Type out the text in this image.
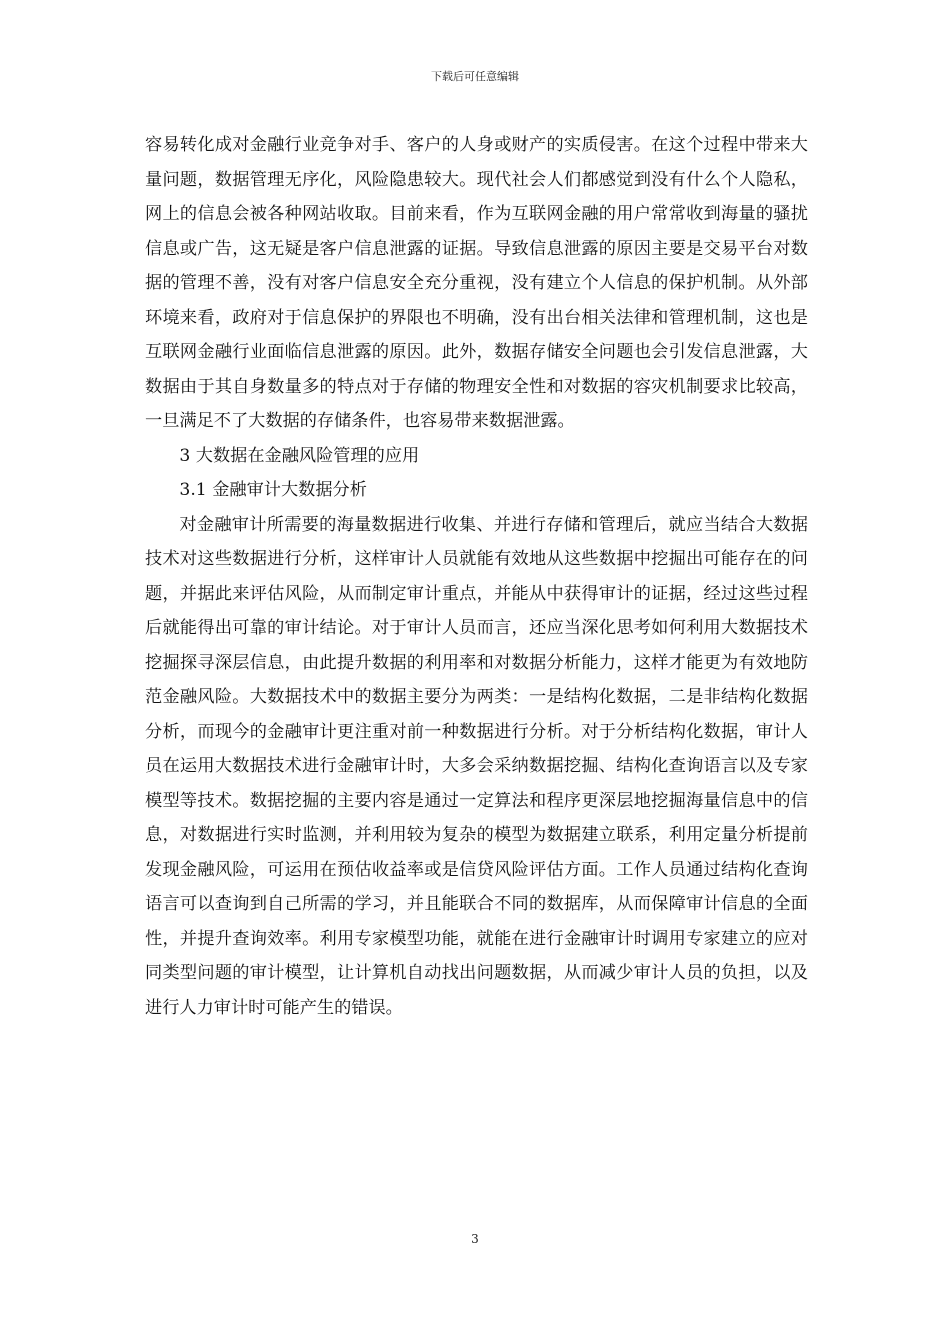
下载后可任意编辑

容易转化成对金融行业竞争对手、客户的人身或财产的实质侵害。在这个过程中带来大量问题，数据管理无序化，风险隐患较大。现代社会人们都感觉到没有什么个人隐私，网上的信息会被各种网站收取。目前来看，作为互联网金融的用户常常收到海量的骚扰信息或广告，这无疑是客户信息泄露的证据。导致信息泄露的原因主要是交易平台对数据的管理不善，没有对客户信息安全充分重视，没有建立个人信息的保护机制。从外部环境来看，政府对于信息保护的界限也不明确，没有出台相关法律和管理机制，这也是互联网金融行业面临信息泄露的原因。此外，数据存储安全问题也会引发信息泄露，大数据由于其自身数量多的特点对于存储的物理安全性和对数据的容灾机制要求比较高，一旦满足不了大数据的存储条件，也容易带来数据泄露。

3 大数据在金融风险管理的应用

3.1 金融审计大数据分析

对金融审计所需要的海量数据进行收集、并进行存储和管理后，就应当结合大数据技术对这些数据进行分析，这样审计人员就能有效地从这些数据中挖掘出可能存在的问题，并据此来评估风险，从而制定审计重点，并能从中获得审计的证据，经过这些过程后就能得出可靠的审计结论。对于审计人员而言，还应当深化思考如何利用大数据技术挖掘探寻深层信息，由此提升数据的利用率和对数据分析能力，这样才能更为有效地防范金融风险。大数据技术中的数据主要分为两类：一是结构化数据，二是非结构化数据分析，而现今的金融审计更注重对前一种数据进行分析。对于分析结构化数据，审计人员在运用大数据技术进行金融审计时，大多会采纳数据挖掘、结构化查询语言以及专家模型等技术。数据挖掘的主要内容是通过一定算法和程序更深层地挖掘海量信息中的信息，对数据进行实时监测，并利用较为复杂的模型为数据建立联系，利用定量分析提前发现金融风险，可运用在预估收益率或是信贷风险评估方面。工作人员通过结构化查询语言可以查询到自己所需的学习，并且能联合不同的数据库，从而保障审计信息的全面性，并提升查询效率。利用专家模型功能，就能在进行金融审计时调用专家建立的应对同类型问题的审计模型，让计算机自动找出问题数据，从而减少审计人员的负担，以及进行人力审计时可能产生的错误。

3
